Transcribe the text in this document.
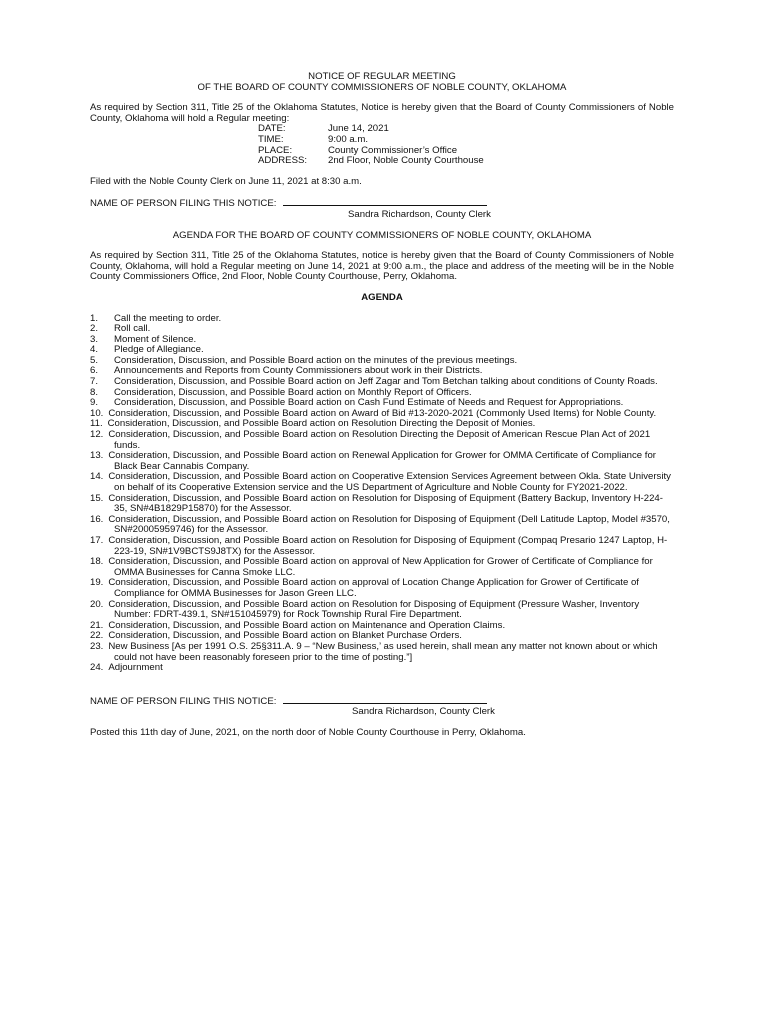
NOTICE OF REGULAR MEETING
OF THE BOARD OF COUNTY COMMISSIONERS OF NOBLE COUNTY, OKLAHOMA
As required by Section 311, Title 25 of the Oklahoma Statutes, Notice is hereby given that the Board of County Commissioners of Noble County, Oklahoma will hold a Regular meeting:
DATE:	June 14, 2021
TIME:	9:00 a.m.
PLACE:	County Commissioner’s Office
ADDRESS:	2nd Floor, Noble County Courthouse
Filed with the Noble County Clerk on June 11, 2021 at 8:30 a.m.
NAME OF PERSON FILING THIS NOTICE:
Sandra Richardson, County Clerk
AGENDA FOR THE BOARD OF COUNTY COMMISSIONERS OF NOBLE COUNTY, OKLAHOMA
As required by Section 311, Title 25 of the Oklahoma Statutes, notice is hereby given that the Board of County Commissioners of Noble County, Oklahoma, will hold a Regular meeting on June 14, 2021 at 9:00 a.m., the place and address of the meeting will be in the Noble County Commissioners Office, 2nd Floor, Noble County Courthouse, Perry, Oklahoma.
AGENDA
1. Call the meeting to order.
2. Roll call.
3. Moment of Silence.
4. Pledge of Allegiance.
5. Consideration, Discussion, and Possible Board action on the minutes of the previous meetings.
6. Announcements and Reports from County Commissioners about work in their Districts.
7. Consideration, Discussion, and Possible Board action on Jeff Zagar and Tom Betchan talking about conditions of County Roads.
8. Consideration, Discussion, and Possible Board action on Monthly Report of Officers.
9. Consideration, Discussion, and Possible Board action on Cash Fund Estimate of Needs and Request for Appropriations.
10. Consideration, Discussion, and Possible Board action on Award of Bid #13-2020-2021 (Commonly Used Items) for Noble County.
11. Consideration, Discussion, and Possible Board action on Resolution Directing the Deposit of Monies.
12. Consideration, Discussion, and Possible Board action on Resolution Directing the Deposit of American Rescue Plan Act of 2021 funds.
13. Consideration, Discussion, and Possible Board action on Renewal Application for Grower for OMMA Certificate of Compliance for Black Bear Cannabis Company.
14. Consideration, Discussion, and Possible Board action on Cooperative Extension Services Agreement between Okla. State University on behalf of its Cooperative Extension service and the US Department of Agriculture and Noble County for FY2021-2022.
15. Consideration, Discussion, and Possible Board action on Resolution for Disposing of Equipment (Battery Backup, Inventory H-224-35, SN#4B1829P15870) for the Assessor.
16. Consideration, Discussion, and Possible Board action on Resolution for Disposing of Equipment (Dell Latitude Laptop, Model #3570, SN#20005959746) for the Assessor.
17. Consideration, Discussion, and Possible Board action on Resolution for Disposing of Equipment (Compaq Presario 1247 Laptop, H-223-19, SN#1V9BCTS9J8TX) for the Assessor.
18. Consideration, Discussion, and Possible Board action on approval of New Application for Grower of Certificate of Compliance for OMMA Businesses for Canna Smoke LLC.
19. Consideration, Discussion, and Possible Board action on approval of Location Change Application for Grower of Certificate of Compliance for OMMA Businesses for Jason Green LLC.
20. Consideration, Discussion, and Possible Board action on Resolution for Disposing of Equipment (Pressure Washer, Inventory Number: FDRT-439.1, SN#151045979) for Rock Township Rural Fire Department.
21. Consideration, Discussion, and Possible Board action on Maintenance and Operation Claims.
22. Consideration, Discussion, and Possible Board action on Blanket Purchase Orders.
23. New Business [As per 1991 O.S. 25§311.A. 9 – “New Business,’ as used herein, shall mean any matter not known about or which could not have been reasonably foreseen prior to the time of posting.”]
24. Adjournment
NAME OF PERSON FILING THIS NOTICE:
Sandra Richardson, County Clerk
Posted this 11th day of June, 2021, on the north door of Noble County Courthouse in Perry, Oklahoma.
